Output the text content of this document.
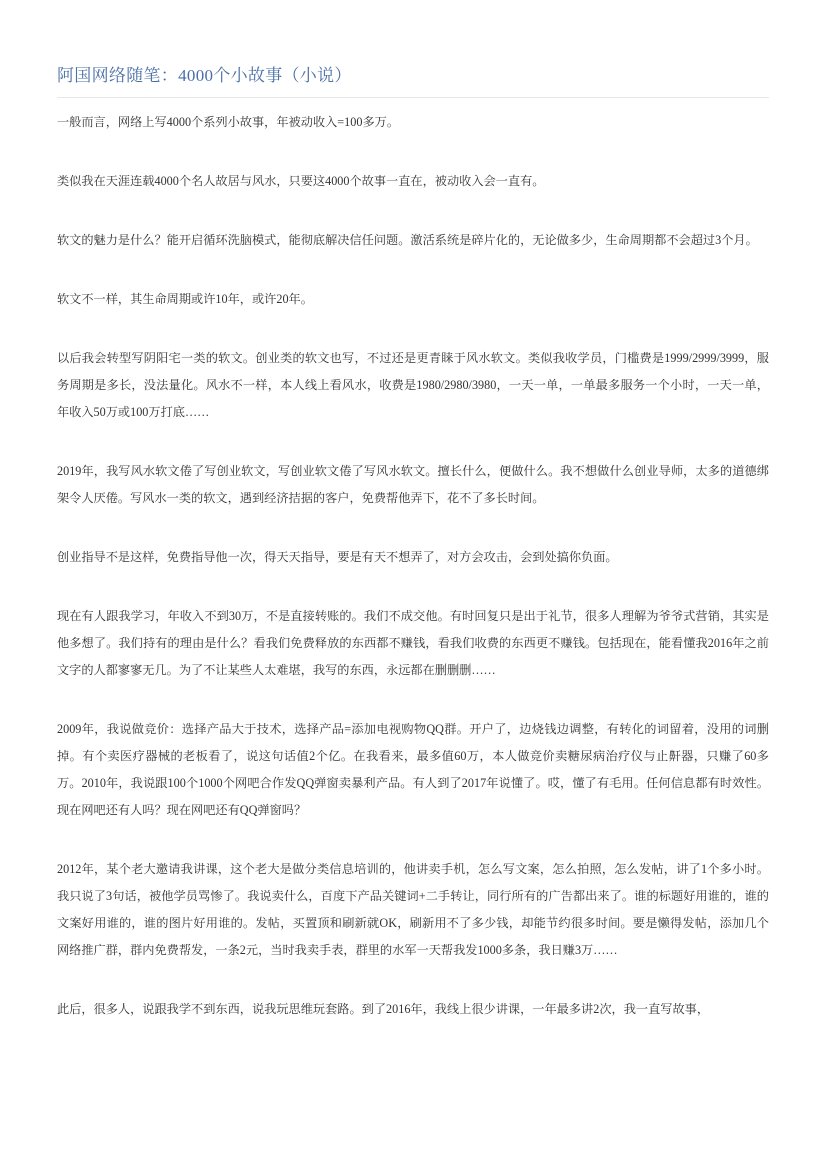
阿国网络随笔：4000个小故事（小说）

一般而言，网络上写4000个系列小故事，年被动收入=100多万。

类似我在天涯连载4000个名人故居与风水，只要这4000个故事一直在，被动收入会一直有。

软文的魅力是什么？能开启循环洗脑模式，能彻底解决信任问题。激活系统是碎片化的，无论做多少，生命周期都不会超过3个月。

软文不一样，其生命周期或许10年，或许20年。

以后我会转型写阴阳宅一类的软文。创业类的软文也写，不过还是更青睐于风水软文。类似我收学员，门槛费是1999/2999/3999，服务周期是多长，没法量化。风水不一样，本人线上看风水，收费是1980/2980/3980，一天一单，一单最多服务一个小时，一天一单，年收入50万或100万打底……

2019年，我写风水软文倦了写创业软文，写创业软文倦了写风水软文。擅长什么，便做什么。我不想做什么创业导师，太多的道德绑架令人厌倦。写风水一类的软文，遇到经济拮据的客户，免费帮他弄下，花不了多长时间。

创业指导不是这样，免费指导他一次，得天天指导，要是有天不想弄了，对方会攻击，会到处搞你负面。

现在有人跟我学习，年收入不到30万，不是直接转账的。我们不成交他。有时回复只是出于礼节，很多人理解为爷爷式营销，其实是他多想了。我们持有的理由是什么？看我们免费释放的东西都不赚钱，看我们收费的东西更不赚钱。包括现在，能看懂我2016年之前文字的人都寥寥无几。为了不让某些人太难堪，我写的东西，永远都在删删删……

2009年，我说做竞价：选择产品大于技术，选择产品=添加电视购物QQ群。开户了，边烧钱边调整，有转化的词留着，没用的词删掉。有个卖医疗器械的老板看了，说这句话值2个亿。在我看来，最多值60万，本人做竞价卖糖尿病治疗仪与止鼾器，只赚了60多万。2010年，我说跟100个1000个网吧合作发QQ弹窗卖暴利产品。有人到了2017年说懂了。哎，懂了有毛用。任何信息都有时效性。现在网吧还有人吗？现在网吧还有QQ弹窗吗？

2012年，某个老大邀请我讲课，这个老大是做分类信息培训的，他讲卖手机，怎么写文案，怎么拍照，怎么发帖，讲了1个多小时。我只说了3句话，被他学员骂惨了。我说卖什么，百度下产品关键词+二手转让，同行所有的广告都出来了。谁的标题好用谁的，谁的文案好用谁的，谁的图片好用谁的。发帖，买置顶和刷新就OK，刷新用不了多少钱，却能节约很多时间。要是懒得发帖，添加几个网络推广群，群内免费帮发，一条2元，当时我卖手表，群里的水军一天帮我发1000多条，我日赚3万……

此后，很多人，说跟我学不到东西，说我玩思维玩套路。到了2016年，我线上很少讲课，一年最多讲2次，我一直写故事，
